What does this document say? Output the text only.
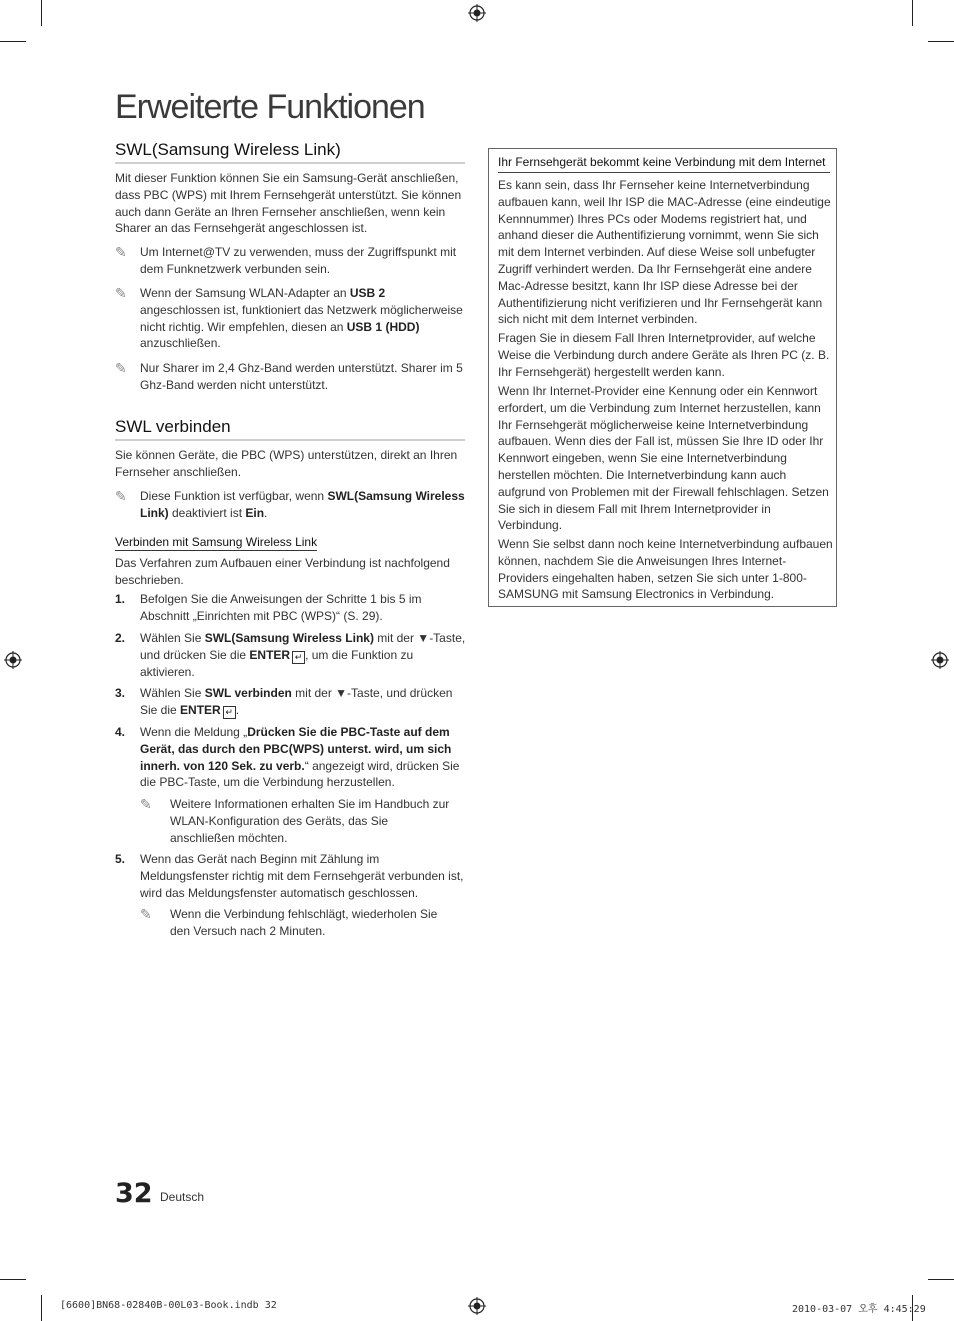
Erweiterte Funktionen
SWL(Samsung Wireless Link)
Mit dieser Funktion können Sie ein Samsung-Gerät anschließen, dass PBC (WPS) mit Ihrem Fernsehgerät unterstützt. Sie können auch dann Geräte an Ihren Fernseher anschließen, wenn kein Sharer an das Fernsehgerät angeschlossen ist.
✎	Um Internet@TV zu verwenden, muss der Zugriffspunkt mit dem Funknetzwerk verbunden sein.
✎	Wenn der Samsung WLAN-Adapter an USB 2 angeschlossen ist, funktioniert das Netzwerk möglicherweise nicht richtig. Wir empfehlen, diesen an USB 1 (HDD) anzuschließen.
✎	Nur Sharer im 2,4 Ghz-Band werden unterstützt. Sharer im 5 Ghz-Band werden nicht unterstützt.
SWL verbinden
Sie können Geräte, die PBC (WPS) unterstützen, direkt an Ihren Fernseher anschließen.
✎	Diese Funktion ist verfügbar, wenn SWL(Samsung Wireless Link) deaktiviert ist Ein.
Verbinden mit Samsung Wireless Link
Das Verfahren zum Aufbauen einer Verbindung ist nachfolgend beschrieben.
1. Befolgen Sie die Anweisungen der Schritte 1 bis 5 im Abschnitt „Einrichten mit PBC (WPS)“ (S. 29).
2. Wählen Sie SWL(Samsung Wireless Link) mit der ▼-Taste, und drücken Sie die ENTER ↵ , um die Funktion zu aktivieren.
3. Wählen Sie SWL verbinden mit der ▼-Taste, und drücken Sie die ENTER ↵ .
4. Wenn die Meldung „Drücken Sie die PBC-Taste auf dem Gerät, das durch den PBC(WPS) unterst. wird, um sich innerh. von 120 Sek. zu verb.“ angezeigt wird, drücken Sie die PBC-Taste, um die Verbindung herzustellen.
✎ Weitere Informationen erhalten Sie im Handbuch zur WLAN-Konfiguration des Geräts, das Sie anschließen möchten.
5. Wenn das Gerät nach Beginn mit Zählung im Meldungsfenster richtig mit dem Fernsehgerät verbunden ist, wird das Meldungsfenster automatisch geschlossen.
✎ Wenn die Verbindung fehlschlägt, wiederholen Sie den Versuch nach 2 Minuten.
Ihr Fernsehgerät bekommt keine Verbindung mit dem Internet
Es kann sein, dass Ihr Fernseher keine Internetverbindung aufbauen kann, weil Ihr ISP die MAC-Adresse (eine eindeutige Kennnummer) Ihres PCs oder Modems registriert hat, und anhand dieser die Authentifizierung vornimmt, wenn Sie sich mit dem Internet verbinden. Auf diese Weise soll unbefugter Zugriff verhindert werden. Da Ihr Fernsehgerät eine andere Mac-Adresse besitzt, kann Ihr ISP diese Adresse bei der Authentifizierung nicht verifizieren und Ihr Fernsehgerät kann sich nicht mit dem Internet verbinden.
Fragen Sie in diesem Fall Ihren Internetprovider, auf welche Weise die Verbindung durch andere Geräte als Ihren PC (z. B. Ihr Fernsehgerät) hergestellt werden kann.
Wenn Ihr Internet-Provider eine Kennung oder ein Kennwort erfordert, um die Verbindung zum Internet herzustellen, kann Ihr Fernsehgerät möglicherweise keine Internetverbindung aufbauen. Wenn dies der Fall ist, müssen Sie Ihre ID oder Ihr Kennwort eingeben, wenn Sie eine Internetverbindung herstellen möchten. Die Internetverbindung kann auch aufgrund von Problemen mit der Firewall fehlschlagen. Setzen Sie sich in diesem Fall mit Ihrem Internetprovider in Verbindung.
Wenn Sie selbst dann noch keine Internetverbindung aufbauen können, nachdem Sie die Anweisungen Ihres Internet-Providers eingehalten haben, setzen Sie sich unter 1-800-SAMSUNG mit Samsung Electronics in Verbindung.
32 Deutsch
[6600]BN68-02840B-00L03-Book.indb 32	2010-03-07 오후 4:45:29
